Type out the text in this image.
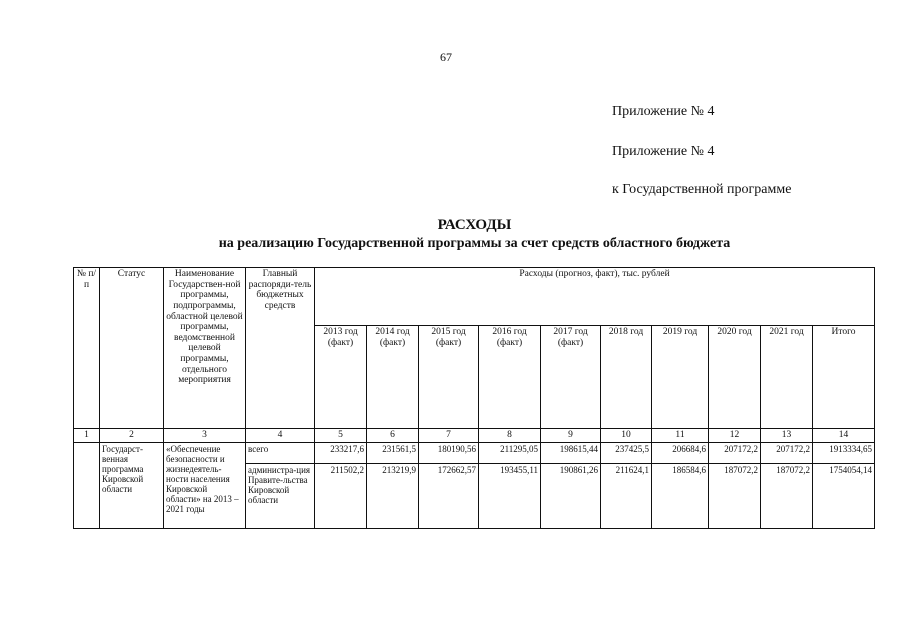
67
Приложение № 4
Приложение № 4
к Государственной программе
РАСХОДЫ
на реализацию Государственной программы за счет средств областного бюджета
№ п/п	Статус	Наименование Государствен-ной программы, подпрограммы, областной целевой программы, ведомственной целевой программы, отдельного мероприятия	Главный распоряди-тель бюджетных средств	Расходы (прогноз, факт), тыс. рублей									
				2013 год (факт)	2014 год (факт)	2015 год (факт)	2016 год (факт)	2017 год (факт)	2018 год	2019 год	2020 год	2021 год	Итого
1	2	3	4	5	6	7	8	9	10	11	12	13	14
	Государст-венная программа Кировской области	«Обеспечение безопасности и жизнедеятель-ности населения Кировской области» на 2013 – 2021 годы	всего	233217,6	231561,5	180190,56	211295,05	198615,44	237425,5	206684,6	207172,2	207172,2	1913334,65
			администра-ция Правите-льства Кировской области	211502,2	213219,9	172662,57	193455,11	190861,26	211624,1	186584,6	187072,2	187072,2	1754054,14
